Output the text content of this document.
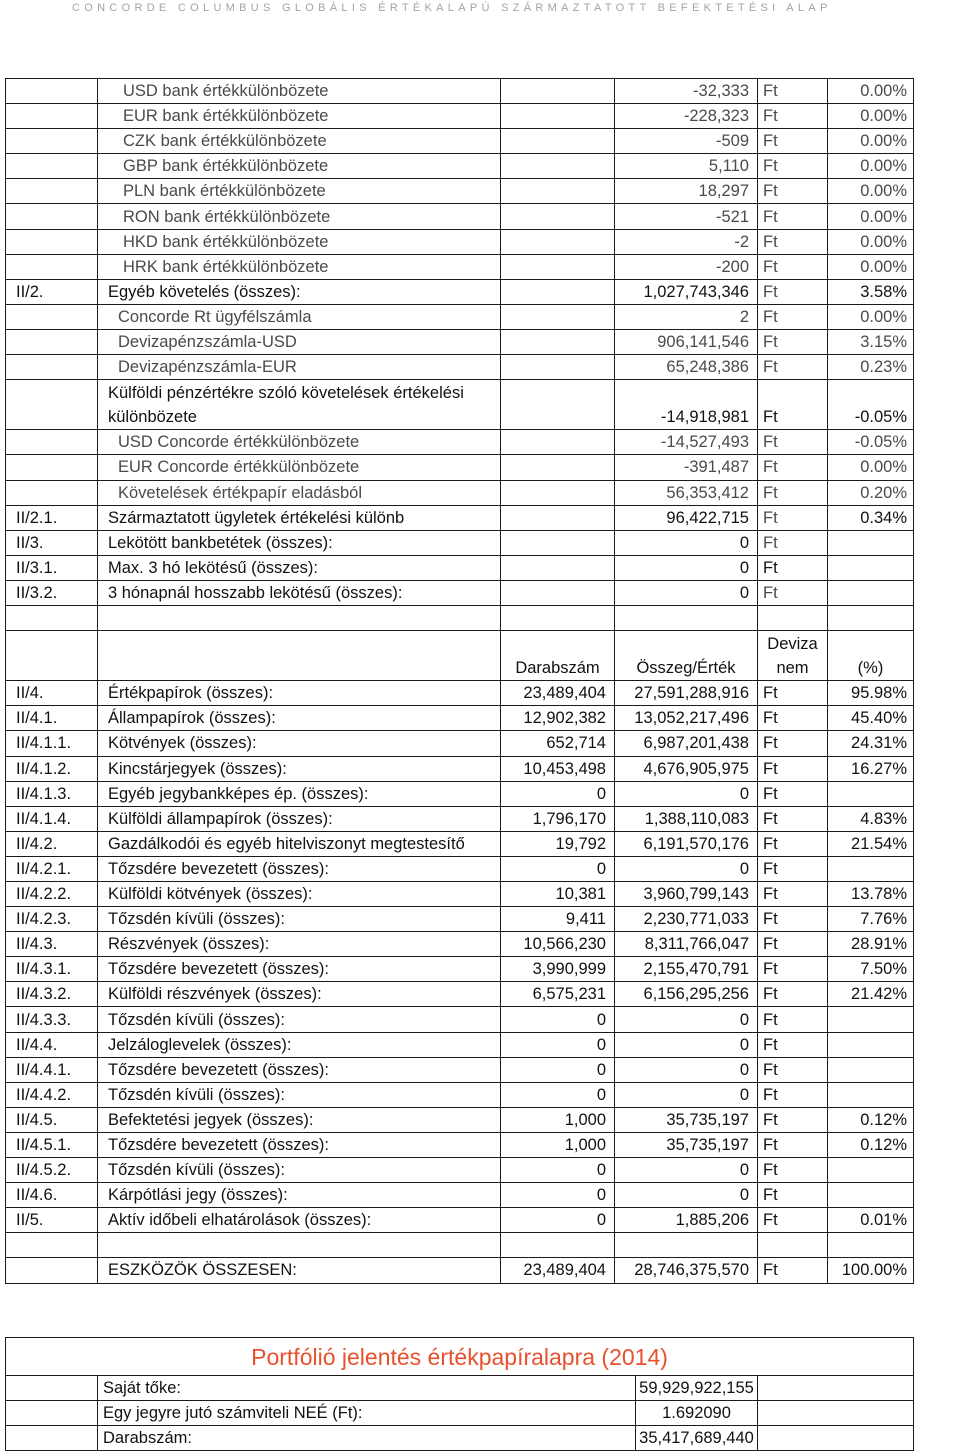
CONCORDE COLUMBUS GLOBÁLIS ÉRTÉKALAPÚ SZÁRMAZTATOTT BEFEKTETÉSI ALAP
	USD bank értékkülönbözete		-32,333	Ft	0.00%
	EUR bank értékkülönbözete		-228,323	Ft	0.00%
	CZK bank értékkülönbözete		-509	Ft	0.00%
	GBP bank értékkülönbözete		5,110	Ft	0.00%
	PLN bank értékkülönbözete		18,297	Ft	0.00%
	RON bank értékkülönbözete		-521	Ft	0.00%
	HKD bank értékkülönbözete		-2	Ft	0.00%
	HRK bank értékkülönbözete		-200	Ft	0.00%
II/2.	Egyéb követelés (összes):		1,027,743,346	Ft	3.58%
	Concorde Rt ügyfélszámla		2	Ft	0.00%
	Devizapénzszámla-USD		906,141,546	Ft	3.15%
	Devizapénzszámla-EUR		65,248,386	Ft	0.23%
	Külföldi pénzértékre szóló követelések értékelési különbözete		-14,918,981	Ft	-0.05%
	USD Concorde értékkülönbözete		-14,527,493	Ft	-0.05%
	EUR Concorde értékkülönbözete		-391,487	Ft	0.00%
	Követelések értékpapír eladásból		56,353,412	Ft	0.20%
II/2.1.	Származtatott ügyletek értékelési különb		96,422,715	Ft	0.34%
II/3.	Lekötött bankbetétek (összes):		0	Ft	
II/3.1.	Max. 3 hó lekötésű (összes):		0	Ft	
II/3.2.	3 hónapnál hosszabb lekötésű (összes):		0	Ft	

		Darabszám	Összeg/Érték	Deviza nem	(%)
II/4.	Értékpapírok (összes):	23,489,404	27,591,288,916	Ft	95.98%
II/4.1.	Állampapírok (összes):	12,902,382	13,052,217,496	Ft	45.40%
II/4.1.1.	Kötvények (összes):	652,714	6,987,201,438	Ft	24.31%
II/4.1.2.	Kincstárjegyek (összes):	10,453,498	4,676,905,975	Ft	16.27%
II/4.1.3.	Egyéb jegybankképes ép. (összes):	0	0	Ft	
II/4.1.4.	Külföldi állampapírok (összes):	1,796,170	1,388,110,083	Ft	4.83%
II/4.2.	Gazdálkodói és egyéb hitelviszonyt megtestesítő	19,792	6,191,570,176	Ft	21.54%
II/4.2.1.	Tőzsdére bevezetett (összes):	0	0	Ft	
II/4.2.2.	Külföldi kötvények (összes):	10,381	3,960,799,143	Ft	13.78%
II/4.2.3.	Tőzsdén kívüli (összes):	9,411	2,230,771,033	Ft	7.76%
II/4.3.	Részvények (összes):	10,566,230	8,311,766,047	Ft	28.91%
II/4.3.1.	Tőzsdére bevezetett (összes):	3,990,999	2,155,470,791	Ft	7.50%
II/4.3.2.	Külföldi részvények (összes):	6,575,231	6,156,295,256	Ft	21.42%
II/4.3.3.	Tőzsdén kívüli (összes):	0	0	Ft	
II/4.4.	Jelzáloglevelek (összes):	0	0	Ft	
II/4.4.1.	Tőzsdére bevezetett (összes):	0	0	Ft	
II/4.4.2.	Tőzsdén kívüli (összes):	0	0	Ft	
II/4.5.	Befektetési jegyek (összes):	1,000	35,735,197	Ft	0.12%
II/4.5.1.	Tőzsdére bevezetett (összes):	1,000	35,735,197	Ft	0.12%
II/4.5.2.	Tőzsdén kívüli (összes):	0	0	Ft	
II/4.6.	Kárpótlási jegy (összes):	0	0	Ft	
II/5.	Aktív időbeli elhatárolások (összes):	0	1,885,206	Ft	0.01%

	ESZKÖZÖK ÖSSZESEN:	23,489,404	28,746,375,570	Ft	100.00%
Portfólió jelentés értékpapíralapra (2014)			
	Saját tőke:	59,929,922,155	
	Egy jegyre jutó számviteli NEÉ (Ft):	1.692090	
	Darabszám:	35,417,689,440	
